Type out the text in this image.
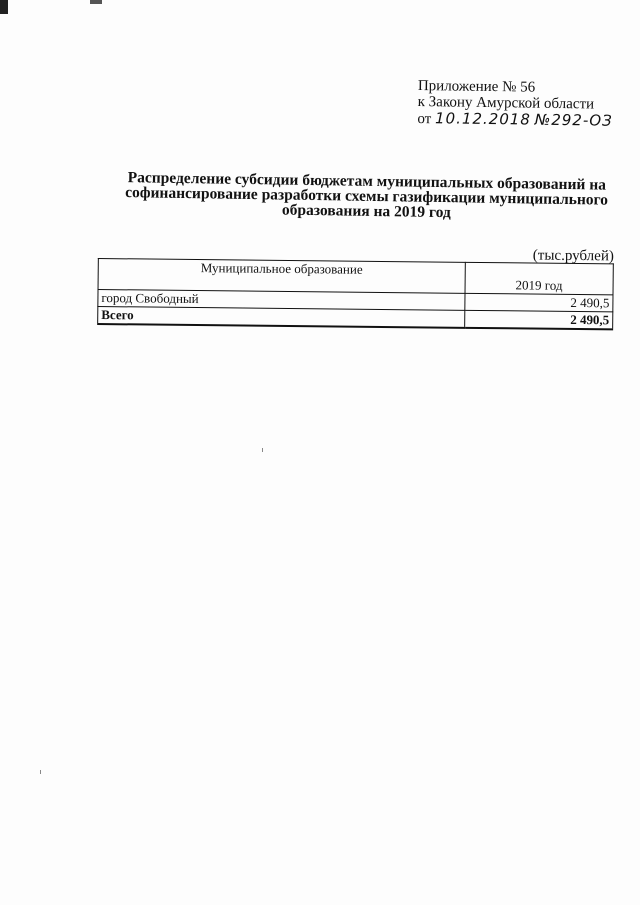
Приложение № 56
к Закону Амурской области
от 10.12.2018 №292-ОЗ
Распределение субсидии бюджетам муниципальных образований на софинансирование разработки схемы газификации муниципального образования на 2019 год
(тыс.рублей)
Муниципальное образование	2019 год
город Свободный	2 490,5
Всего	2 490,5
